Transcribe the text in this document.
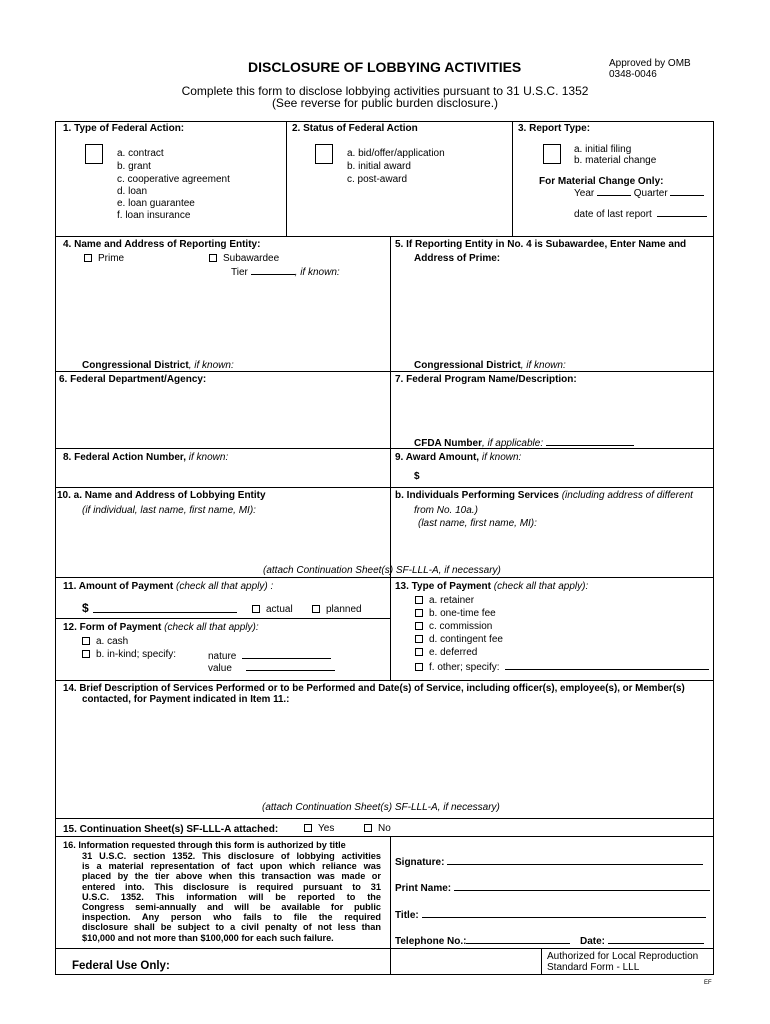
DISCLOSURE OF LOBBYING ACTIVITIES	Approved by OMB
0348-0046
Complete this form to disclose lobbying activities pursuant to 31 U.S.C. 1352
(See reverse for public burden disclosure.)
1. Type of Federal Action:
a. contract
b. grant
c. cooperative agreement
d. loan
e. loan guarantee
f. loan insurance
2. Status of Federal Action
a. bid/offer/application
b. initial award
c. post-award
3. Report Type:
a. initial filing
b. material change
For Material Change Only:
Year	Quarter
date of last report
4. Name and Address of Reporting Entity:
Prime	Subawardee
Tier	, if known:
Congressional District, if known:
5. If Reporting Entity in No. 4 is Subawardee, Enter Name and
Address of Prime:
Congressional District, if known:
6. Federal Department/Agency:	7. Federal Program Name/Description:
CFDA Number, if applicable:
8. Federal Action Number, if known:	9. Award Amount, if known:
$
10. a. Name and Address of Lobbying Entity
(if individual, last name, first name, MI):
b. Individuals Performing Services (including address of different
from No. 10a.)
(last name, first name, MI):
(attach Continuation Sheet(s) SF-LLL-A, if necessary)
11. Amount of Payment (check all that apply) :
$	actual	planned
12. Form of Payment (check all that apply):
a. cash
b. in-kind; specify:	nature
value
13. Type of Payment (check all that apply):
a. retainer
b. one-time fee
c. commission
d. contingent fee
e. deferred
f. other; specify:
14. Brief Description of Services Performed or to be Performed and Date(s) of Service, including officer(s), employee(s), or Member(s)
contacted, for Payment indicated in Item 11.:
(attach Continuation Sheet(s) SF-LLL-A, if necessary)
15. Continuation Sheet(s) SF-LLL-A attached:	Yes	No
16. Information requested through this form is authorized by title
31 U.S.C. section 1352. This disclosure of lobbying activities
is a material representation of fact upon which reliance was
placed by the tier above when this transaction was made or
entered into. This disclosure is required pursuant to 31
U.S.C. 1352. This information will be reported to the
Congress semi-annually and will be available for public
inspection. Any person who fails to file the required
disclosure shall be subject to a civil penalty of not less than
$10,000 and not more than $100,000 for each such failure.
Signature:
Print Name:
Title:
Telephone No.:	Date:
Federal Use Only:
Authorized for Local Reproduction
Standard Form - LLL
EF
